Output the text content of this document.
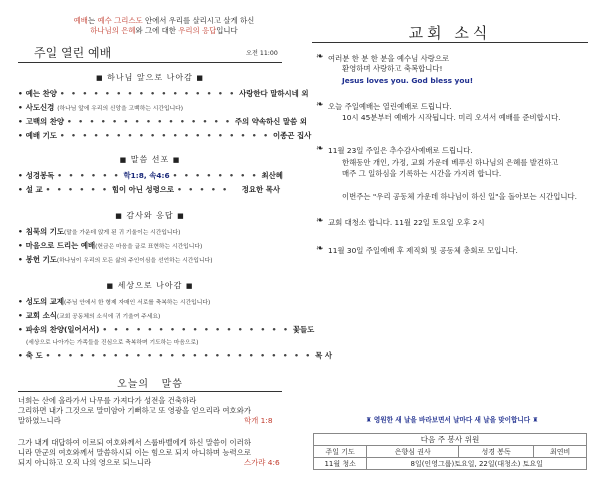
예배는 예수 그리스도 안에서 우리를 살리시고 살게 하신
하나님의 은혜와 그에 대한 우리의 응답입니다
주일 열린 예배	오전 11:00
■ 하나님 앞으로 나아감 ■
• 예는 찬양 • • • • • • • • • • • • • • • • 사랑한다 말하시네 외
• 사도신경 (하나님 앞에 우리의 신앙을 고백하는 시간입니다)
• 고백의 찬양 • • • • • • • • • • • • • • • 주의 약속하신 말씀 외
• 예배 기도 • • • • • • • • • • • • • • • • • • • 이종곤 집사
■ 말씀 선포 ■
• 성경봉독 • • • • • • 학1:8, 속4:6 • • • • • • • • 최산혜
• 설 교 • • • • • • 힘이 아닌 성령으로 • • • • •	정요한 목사
■ 감사와 응답 ■
• 침묵의 기도 (말을 가운데 앉게 된 귀 기울이는 시간입니다)
• 마음으로 드리는 예배 (헌금은 마음을 글로 표현하는 시간입니다)
• 봉헌 기도 (하나님이 우리의 모든 삶의 주인이심을 선언하는 시간입니다)
■ 세상으로 나아감 ■
• 성도의 교제 (주님 안에서 한 형제 자매인 서로를 축복하는 시간입니다)
• 교회 소식 (교회 공동체의 소식에 귀 기울여 주세요)
• 파송의 찬양(일어서서) • • • • • • • • • • • • • • • • • 꽃들도
(세상으로 나아가는 가족들을 진심으로 축복하며 기도하는 마음으로)
• 축 도 • • • • • • • • • • • • • • • • • • • • • • • • 목 사
오늘의   말씀
너희는 산에 올라가서 나무를 가져다가 성전을 건축하라
그리하면 내가 그것으로 말미암아 기뻐하고 또 영광을 얻으리라 여호와가
말하였느니라	학개 1:8
그가 내게 대답하여 이르되 여호와께서 스룹바벨에게 하신 말씀이 이러하
니라 만군의 여호와께서 말씀하시되 이는 힘으로 되지 아니하며 능력으로
되지 아니하고 오직 나의 영으로 되느니라	스가랴 4:6
교회 소식
❧ 여러분 한 분 한 분을 예수님 사랑으로
환영하며 사랑하고 축복합니다!
Jesus loves you. God bless you!
❧ 오늘 주일예배는 열린예배로 드립니다.
10시 45분부터 예배가 시작됩니다. 미리 오셔서 예배를 준비합시다.
❧ 11월 23일 주일은 추수감사예배로 드립니다.
한해동안 개인, 가정, 교회 가운데 베푸신 하나님의 은혜를 발견하고
매주 그 일하심을 기록하는 시간을 가지려 합니다.
이번주는 "우리 공동체 가운데 하나님이 하신 일"을 돌아보는 시간입니다.
❧ 교회 대청소 합니다. 11월 22일 토요일 오후 2시
❧ 11월 30일 주일예배 후 제직회 및 공동체 총회로 모입니다.
♜ 영원한 새 날을 바라보면서 날마다 새 날을 맞이합니다 ♜
다음 주 봉사 위원			
주일 기도	은향심 권사	성경 봉독	최연비
11월 청소	8일(인영그룹)토요일, 22일(대청소) 토요일		
